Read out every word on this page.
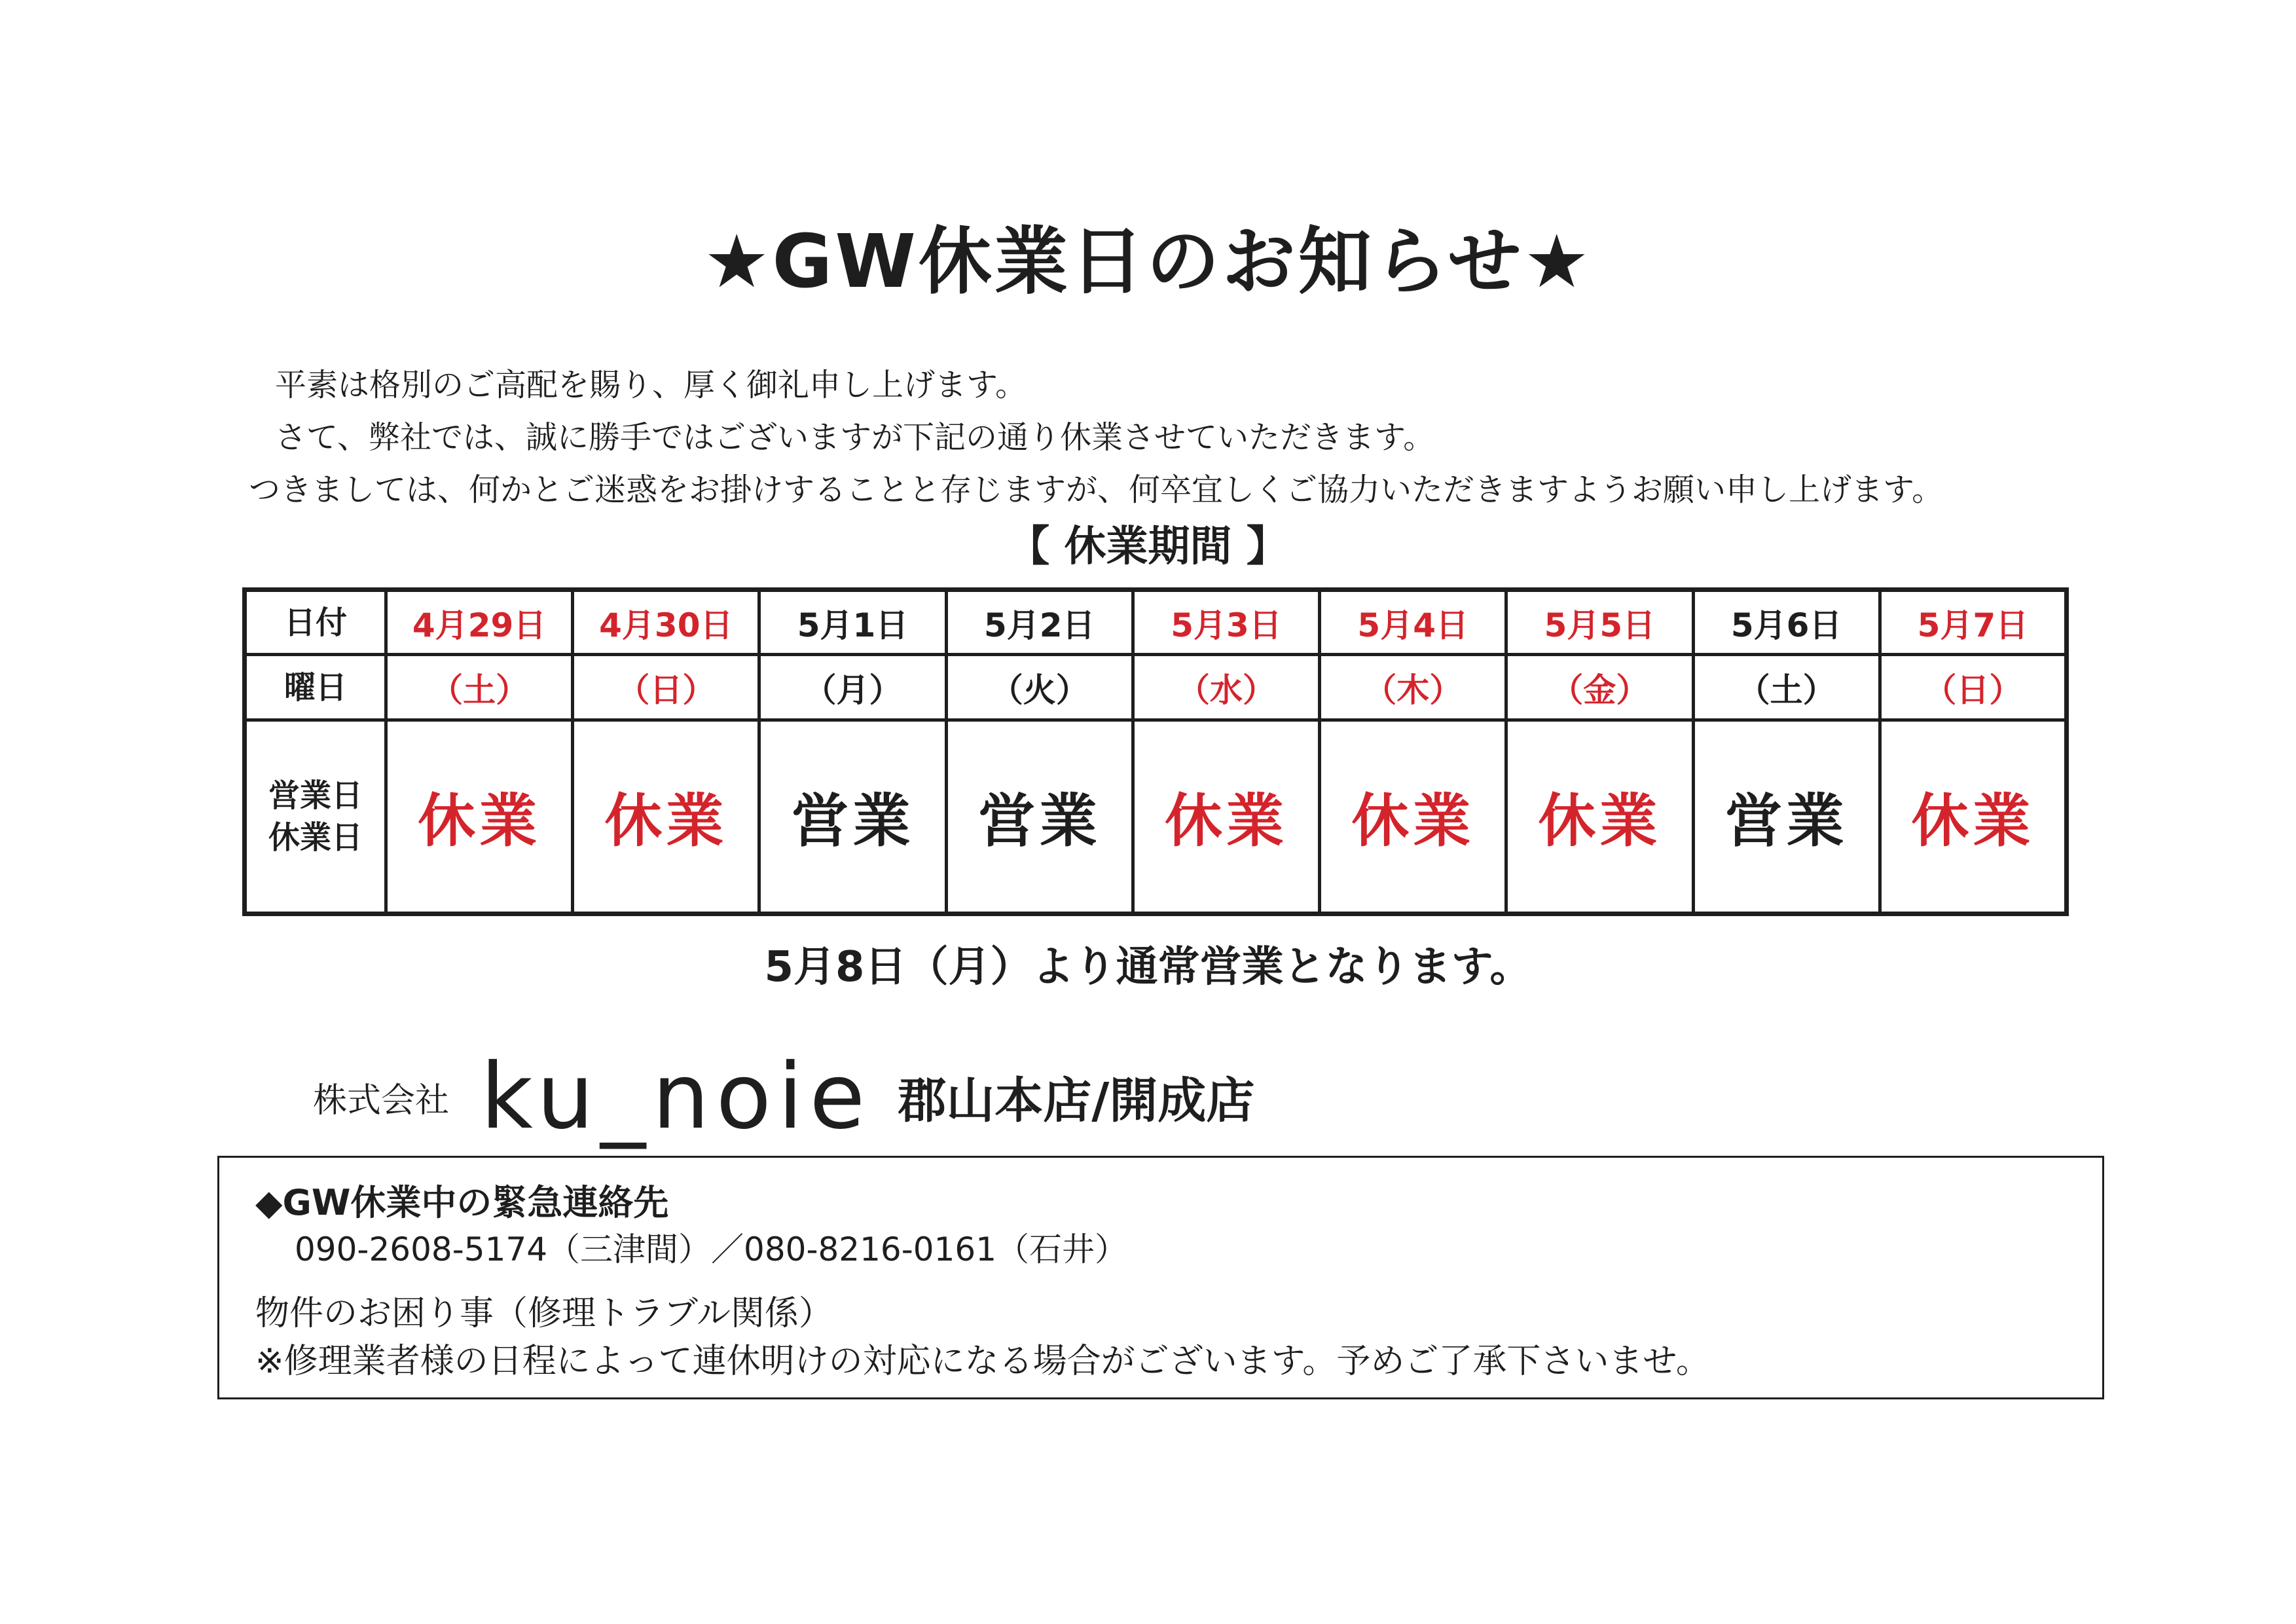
★GW休業日のお知らせ★
平素は格別のご高配を賜り、厚く御礼申し上げます。
さて、弊社では、誠に勝手ではございますが下記の通り休業させていただきます。
つきましては、何かとご迷惑をお掛けすることと存じますが、何卒宜しくご協力いただきますようお願い申し上げます。
【 休業期間 】
日付	4月29日	4月30日	5月1日	5月2日	5月3日	5月4日	5月5日	5月6日	5月7日
曜日	（土）	（日）	（月）	（火）	（水）	（木）	（金）	（土）	（日）

営業日
休業日	休業	休業	営業	営業	休業	休業	休業	営業	休業
5月8日（月）より通常営業となります。
株式会社 ku_noie 郡山本店/開成店
◆GW休業中の緊急連絡先
090-2608-5174（三津間）／080-8216-0161（石井）
物件のお困り事（修理トラブル関係）
※修理業者様の日程によって連休明けの対応になる場合がございます。予めご了承下さいませ。
